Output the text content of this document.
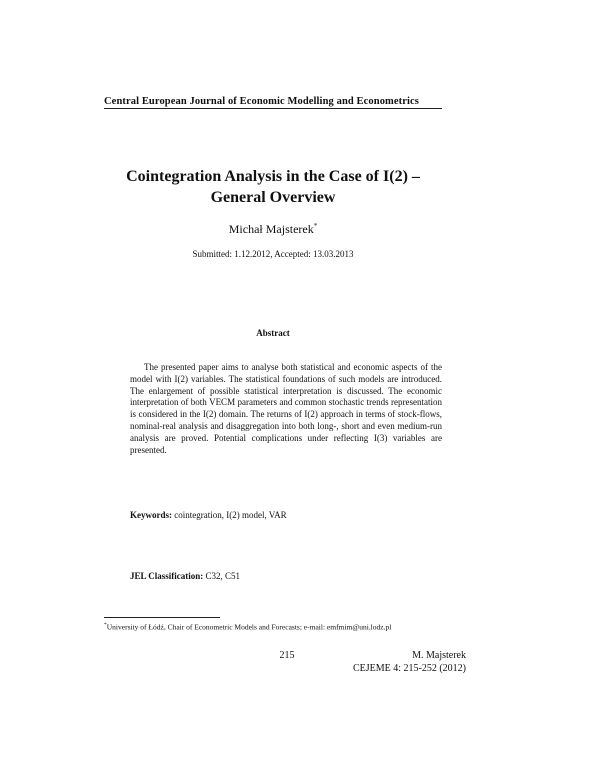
Central European Journal of Economic Modelling and Econometrics
Cointegration Analysis in the Case of I(2) –
General Overview
Michał Majsterek*
Submitted: 1.12.2012, Accepted: 13.03.2013
Abstract
The presented paper aims to analyse both statistical and economic aspects of the model with I(2) variables. The statistical foundations of such models are introduced. The enlargement of possible statistical interpretation is discussed. The economic interpretation of both VECM parameters and common stochastic trends representation is considered in the I(2) domain. The returns of I(2) approach in terms of stock-flows, nominal-real analysis and disaggregation into both long-, short and even medium-run analysis are proved. Potential complications under reflecting I(3) variables are presented.
Keywords: cointegration, I(2) model, VAR
JEL Classification: C32, C51
*University of Łódź, Chair of Econometric Models and Forecasts; e-mail: emfmim@uni.lodz.pl
215	M. Majsterek
CEJEME 4: 215-252 (2012)
